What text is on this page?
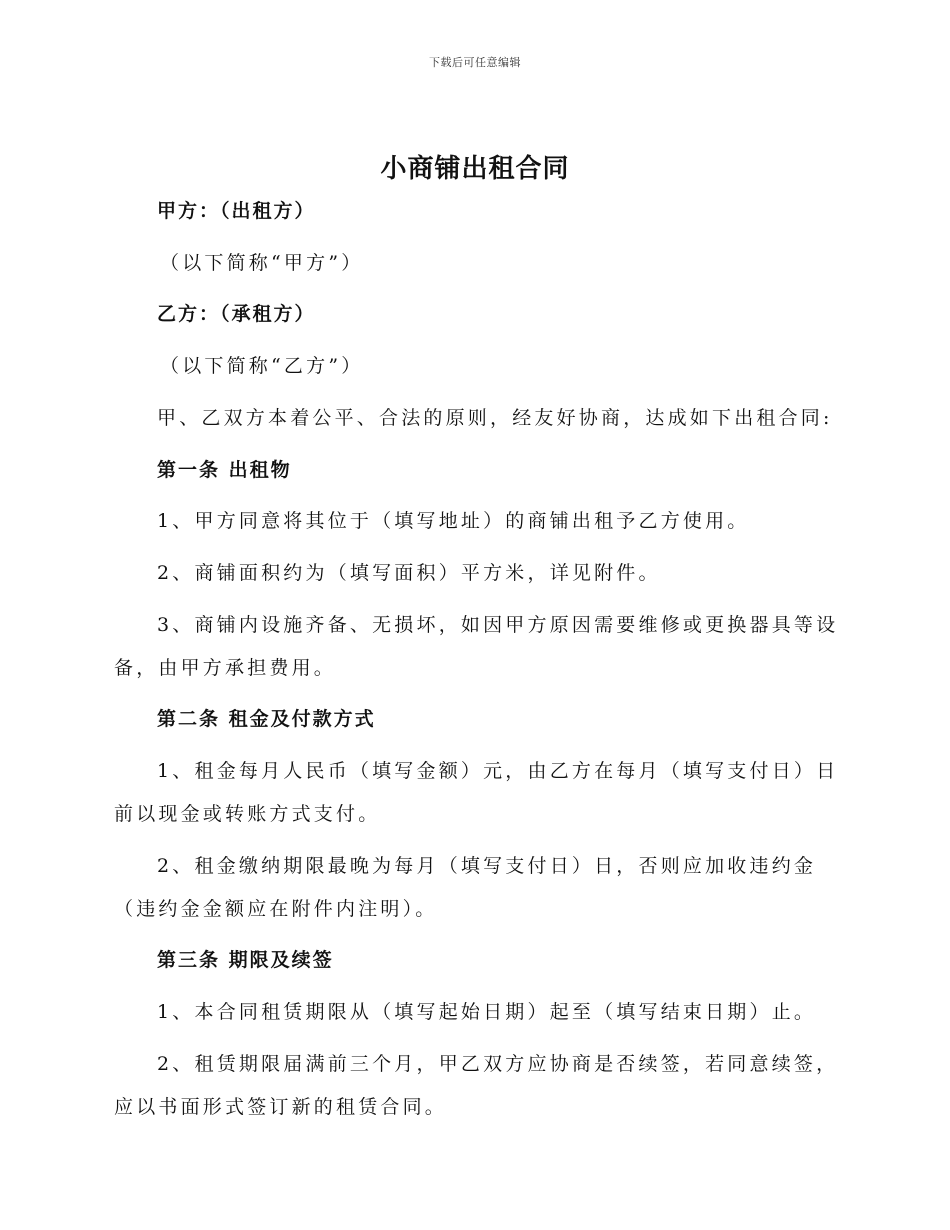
下载后可任意编辑
小商铺出租合同
甲方：（出租方）
（以下简称“甲方”）
乙方：（承租方）
（以下简称“乙方”）
甲、乙双方本着公平、合法的原则，经友好协商，达成如下出租合同:
第一条 出租物
1、甲方同意将其位于（填写地址）的商铺出租予乙方使用。
2、商铺面积约为（填写面积）平方米，详见附件。
3、商铺内设施齐备、无损坏，如因甲方原因需要维修或更换器具等设
备，由甲方承担费用。
第二条 租金及付款方式
1、租金每月人民币（填写金额）元，由乙方在每月（填写支付日）日
前以现金或转账方式支付。
2、租金缴纳期限最晚为每月（填写支付日）日，否则应加收违约金
（违约金金额应在附件内注明）。
第三条 期限及续签
1、本合同租赁期限从（填写起始日期）起至（填写结束日期）止。
2、租赁期限届满前三个月，甲乙双方应协商是否续签，若同意续签，
应以书面形式签订新的租赁合同。
